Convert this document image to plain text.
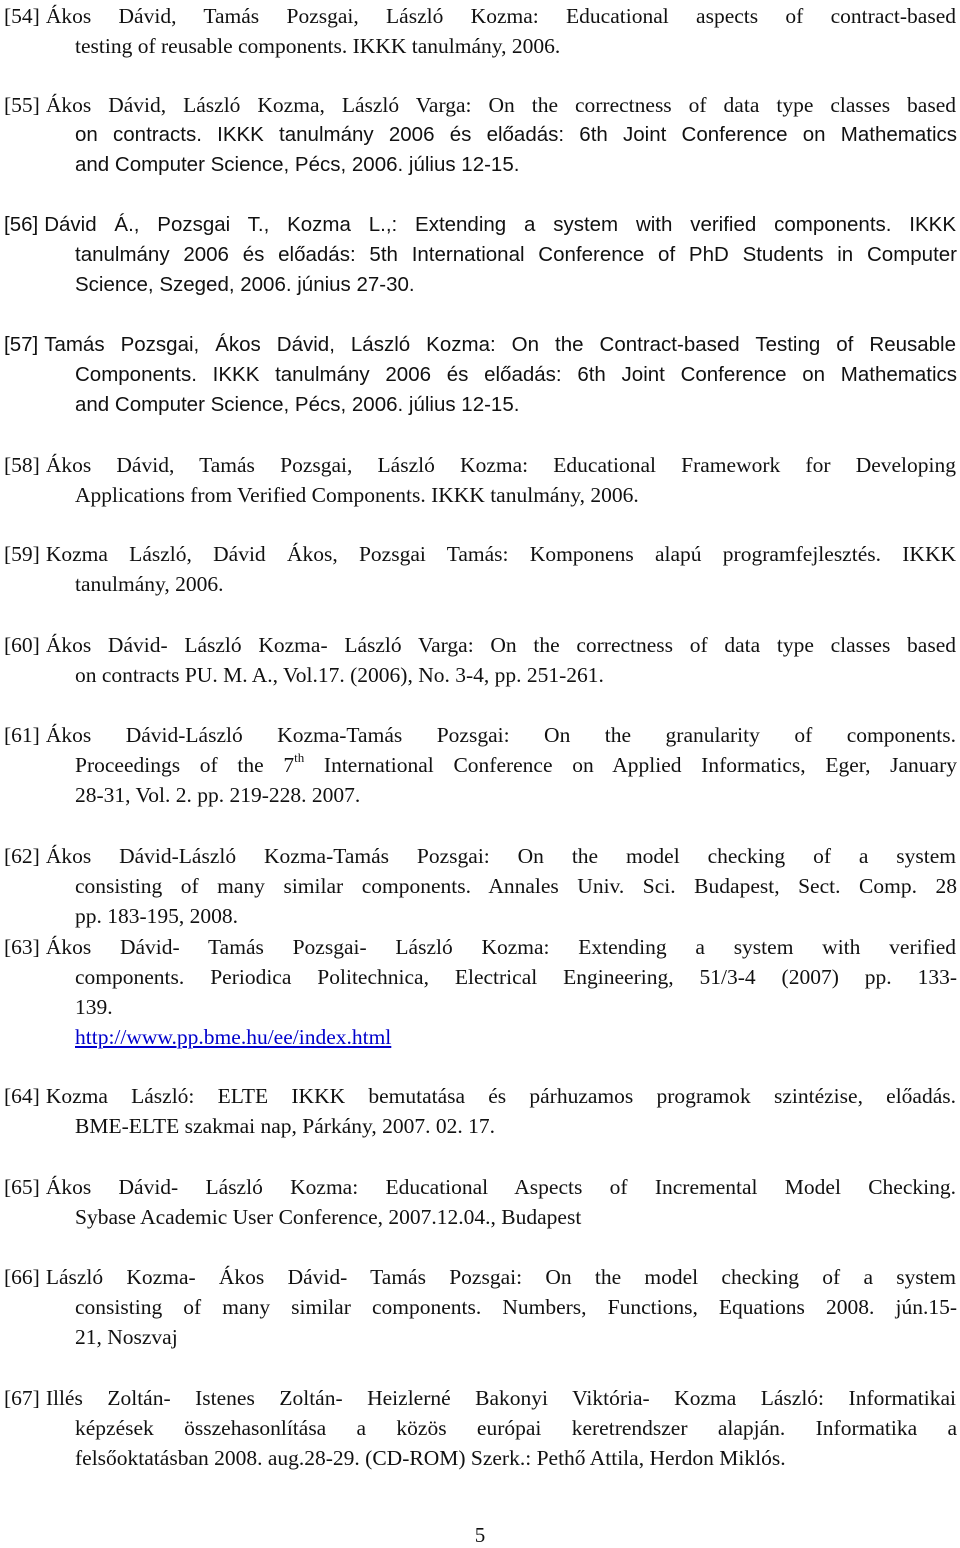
[54] Ákos Dávid, Tamás Pozsgai, László Kozma: Educational aspects of contract-based
testing of reusable components. IKKK tanulmány, 2006.
[55] Ákos Dávid, László Kozma, László Varga: On the correctness of data type classes based
on contracts. IKKK tanulmány 2006 és előadás: 6th Joint Conference on Mathematics
and Computer Science, Pécs, 2006. július 12-15.
[56] Dávid Á., Pozsgai T., Kozma L.,: Extending a system with verified components. IKKK
tanulmány 2006 és előadás: 5th International Conference of PhD Students in Computer
Science, Szeged, 2006. június 27-30.
[57] Tamás Pozsgai, Ákos Dávid, László Kozma: On the Contract-based Testing of Reusable
Components. IKKK tanulmány 2006 és előadás: 6th Joint Conference on Mathematics
and Computer Science, Pécs, 2006. július 12-15.
[58] Ákos Dávid, Tamás Pozsgai, László Kozma: Educational Framework for Developing
Applications from Verified Components. IKKK tanulmány, 2006.
[59] Kozma László, Dávid Ákos, Pozsgai Tamás: Komponens alapú programfejlesztés. IKKK
tanulmány, 2006.
[60] Ákos Dávid- László Kozma- László Varga: On the correctness of data type classes based
on contracts PU. M. A., Vol.17. (2006), No. 3-4, pp. 251-261.
[61] Ákos Dávid-László Kozma-Tamás Pozsgai: On the granularity of components.
Proceedings of the 7th International Conference on Applied Informatics, Eger, January
28-31, Vol. 2. pp. 219-228. 2007.
[62] Ákos Dávid-László Kozma-Tamás Pozsgai: On the model checking of a system
consisting of many similar components. Annales Univ. Sci. Budapest, Sect. Comp. 28
pp. 183-195, 2008.
[63] Ákos Dávid- Tamás Pozsgai- László Kozma: Extending a system with verified
components. Periodica Politechnica, Electrical Engineering, 51/3-4 (2007) pp. 133-
139.
http://www.pp.bme.hu/ee/index.html
[64] Kozma László: ELTE IKKK bemutatása és párhuzamos programok szintézise, előadás.
BME-ELTE szakmai nap, Párkány, 2007. 02. 17.
[65] Ákos Dávid- László Kozma: Educational Aspects of Incremental Model Checking.
Sybase Academic User Conference, 2007.12.04., Budapest
[66] László Kozma- Ákos Dávid- Tamás Pozsgai: On the model checking of a system
consisting of many similar components. Numbers, Functions, Equations 2008. jún.15-
21, Noszvaj
[67] Illés Zoltán- Istenes Zoltán- Heizlerné Bakonyi Viktória- Kozma László: Informatikai
képzések összehasonlítása a közös európai keretrendszer alapján. Informatika a
felsőoktatásban 2008. aug.28-29. (CD-ROM) Szerk.: Pethő Attila, Herdon Miklós.
5
